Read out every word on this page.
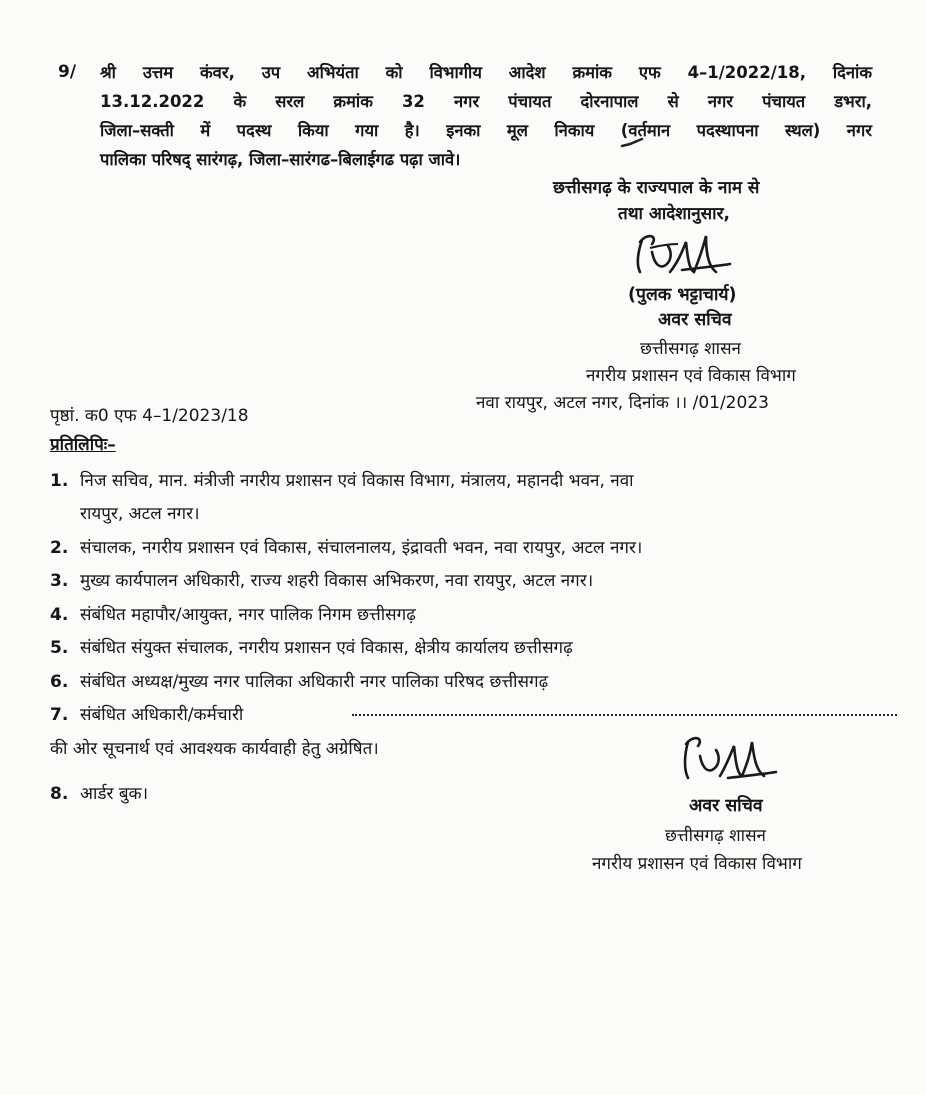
9/ श्री उत्तम कंवर, उप अभियंता को विभागीय आदेश क्रमांक एफ 4–1/2022/18, दिनांक
13.12.2022 के सरल क्रमांक 32 नगर पंचायत दोरनापाल से नगर पंचायत डभरा,
जिला–सक्ती में पदस्थ किया गया है। इनका मूल निकाय (वर्तमान पदस्थापना स्थल) नगर
पालिका परिषद् सारंगढ़, जिला–सारंगढ–बिलाईगढ पढ़ा जावे।
छत्तीसगढ़ के राज्यपाल के नाम से
तथा आदेशानुसार,
(पुलक भट्टाचार्य)
अवर सचिव
छत्तीसगढ़ शासन
नगरीय प्रशासन एवं विकास विभाग
पृष्ठां. क0 एफ 4–1/2023/18
नवा रायपुर, अटल नगर, दिनांक ।। /01/2023
प्रतिलिपिः–
1. निज सचिव, मान. मंत्रीजी नगरीय प्रशासन एवं विकास विभाग, मंत्रालय, महानदी भवन, नवा
रायपुर, अटल नगर।
2. संचालक, नगरीय प्रशासन एवं विकास, संचालनालय, इंद्रावती भवन, नवा रायपुर, अटल नगर।
3. मुख्य कार्यपालन अधिकारी, राज्य शहरी विकास अभिकरण, नवा रायपुर, अटल नगर।
4. संबंधित महापौर/आयुक्त, नगर पालिक निगम छत्तीसगढ़
5. संबंधित संयुक्त संचालक, नगरीय प्रशासन एवं विकास, क्षेत्रीय कार्यालय छत्तीसगढ़
6. संबंधित अध्यक्ष/मुख्य नगर पालिका अधिकारी नगर पालिका परिषद छत्तीसगढ़
7. संबंधित अधिकारी/कर्मचारी
की ओर सूचनार्थ एवं आवश्यक कार्यवाही हेतु अग्रेषित।
8. आर्डर बुक।
अवर सचिव
छत्तीसगढ़ शासन
नगरीय प्रशासन एवं विकास विभाग
